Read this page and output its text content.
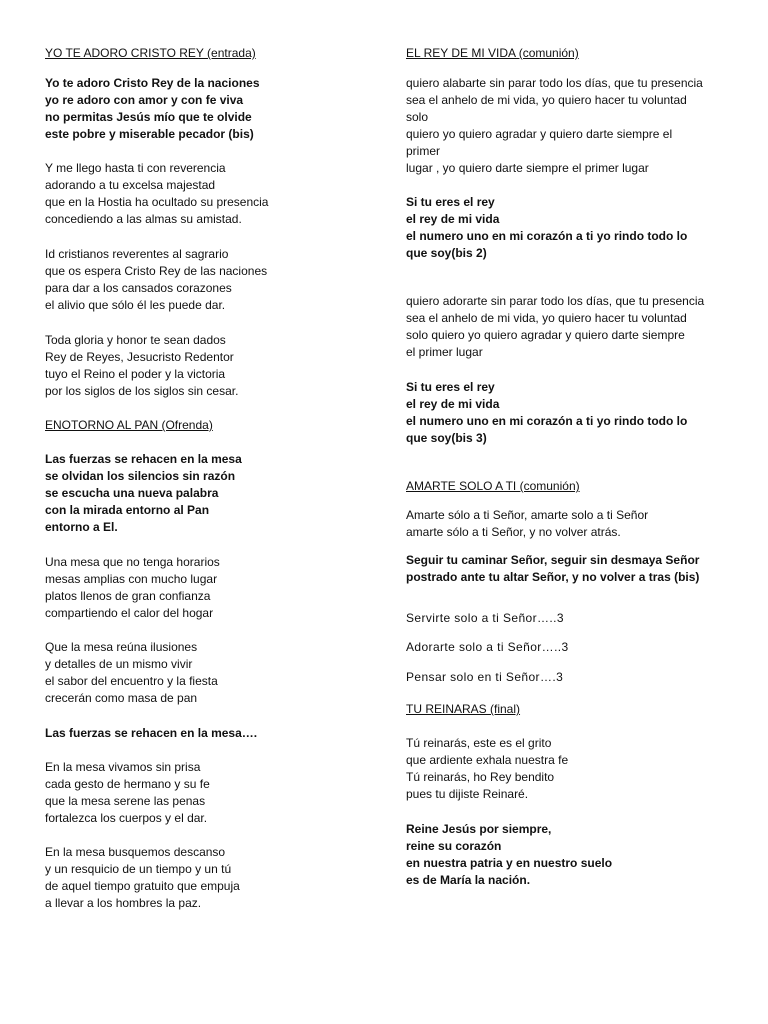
YO TE ADORO CRISTO REY (entrada)

Yo te adoro Cristo Rey de la naciones
yo re adoro con amor y con fe viva
no permitas Jesús mío que te olvide
este pobre y miserable pecador (bis)

Y me llego hasta ti con reverencia
adorando a tu excelsa majestad
que en la Hostia ha ocultado su presencia
concediendo a las almas su amistad.

Id cristianos reverentes al sagrario
que os espera Cristo Rey de las naciones
para dar a los cansados corazones
el alivio que sólo él les puede dar.

Toda gloria y honor te sean dados
Rey de Reyes, Jesucristo Redentor
tuyo el Reino el poder y la victoria
por los siglos de los siglos sin cesar.

ENOTORNO AL PAN (Ofrenda)

Las fuerzas se rehacen en la mesa
se olvidan los silencios sin razón
se escucha una nueva palabra
con la mirada entorno al Pan
entorno a El.

Una mesa que no tenga horarios
mesas amplias con mucho lugar
platos llenos de gran confianza
compartiendo el calor del hogar

Que la mesa reúna ilusiones
y detalles de un mismo vivir
el sabor del encuentro y la fiesta
crecerán como masa de pan

Las fuerzas se rehacen en la mesa….

En la mesa vivamos sin prisa
cada gesto de hermano y su fe
que la mesa serene las penas
fortalezca los cuerpos y el dar.

En la mesa busquemos descanso
y un resquicio de un tiempo y un tú
de aquel tiempo gratuito que empuja
a llevar a los hombres la paz.

EL REY DE MI VIDA (comunión)

quiero alabarte sin parar todo los días, que tu presencia
sea el anhelo de mi vida, yo quiero hacer tu voluntad
solo
quiero yo quiero agradar y quiero darte siempre el
primer
lugar , yo quiero darte siempre el primer lugar

Si tu eres el rey
el rey de mi vida
el numero uno en mi corazón a ti yo rindo todo lo
que soy(bis 2)

quiero adorarte sin parar todo los días, que tu presencia
sea el anhelo de mi vida, yo quiero hacer tu voluntad
solo quiero yo quiero agradar y quiero darte siempre
el primer lugar

Si tu eres el rey
el rey de mi vida
el numero uno en mi corazón a ti yo rindo todo lo
que soy(bis 3)

AMARTE SOLO A TI (comunión)

Amarte sólo a ti Señor, amarte solo a ti Señor
amarte sólo a ti Señor, y no volver atrás.

Seguir tu caminar Señor, seguir sin desmaya Señor
postrado ante tu altar Señor, y no volver a tras (bis)

Servirte solo a ti Señor…..3

Adorarte solo a ti Señor…..3

Pensar solo en ti Señor….3

TU REINARAS (final)

Tú reinarás, este es el grito
que ardiente exhala nuestra fe
Tú reinarás, ho Rey bendito
pues tu dijiste Reinaré.

Reine Jesús por siempre,
reine su corazón
en nuestra patria y en nuestro suelo
es de María la nación.
